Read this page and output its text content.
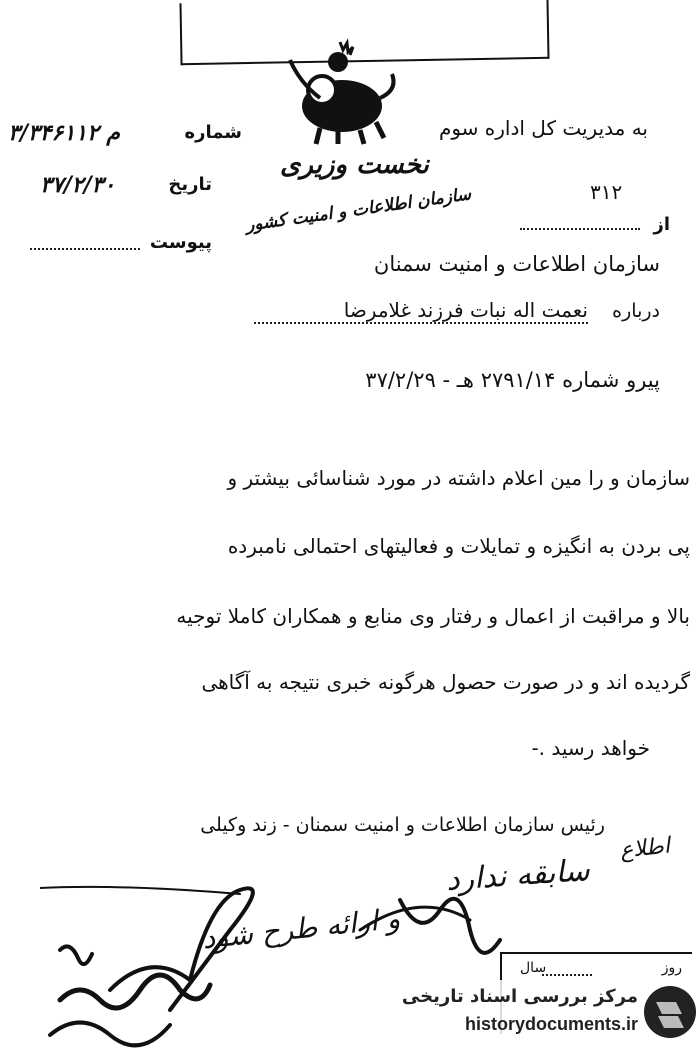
نخست وزیری
سازمان اطلاعات و امنیت کشور
۳/۳۴۶م ۱۱۲	شماره
۳۷/۲/۳۰	تاریخ
پیوست
به مدیریت کل اداره سوم
۳۱۲
از
سازمان اطلاعات و امنیت سمنان
درباره
نعمت اله نبات فرزند غلامرضا
پیرو شماره ۲۷۹۱/۱۴ هـ - ۳۷/۲/۲۹
سازمان و را مین اعلام داشته در مورد شناسائی بیشتر و
پی بردن به انگیزه و تمایلات و فعالیتهای احتمالی نامبرده
بالا و مراقبت از اعمال و رفتار وی منابع و همکاران کاملا توجیه
گردیده اند و در صورت حصول هرگونه خبری نتیجه به آگاهی
خواهد رسید .-
رئیس سازمان اطلاعات و امنیت سمنان - زند وکیلی
اطلاع
سابقه ندارد
و ارائه طرح شود
روز
سال
مرکز بررسی اسناد تاریخی
historydocuments.ir
